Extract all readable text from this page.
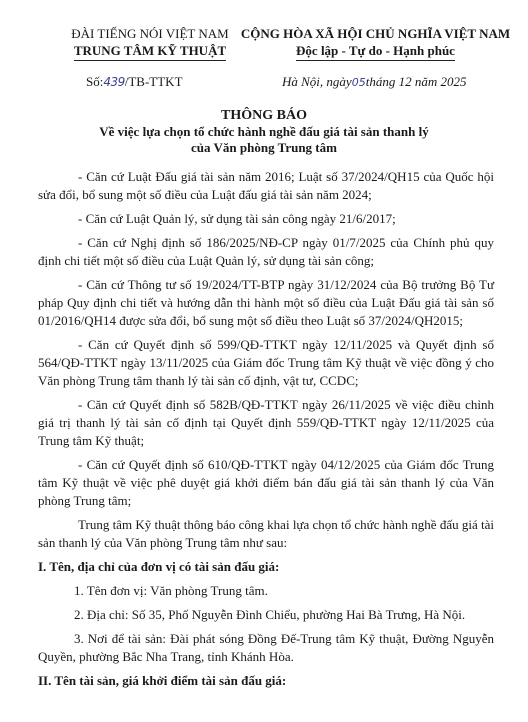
ĐÀI TIẾNG NÓI VIỆT NAM
TRUNG TÂM KỸ THUẬT
CỘNG HÒA XÃ HỘI CHỦ NGHĨA VIỆT NAM
Độc lập - Tự do - Hạnh phúc
Số:439/TB-TTKT	Hà Nội, ngày05tháng 12 năm 2025
THÔNG BÁO
Về việc lựa chọn tổ chức hành nghề đấu giá tài sản thanh lý
của Văn phòng Trung tâm

- Căn cứ Luật Đấu giá tài sản năm 2016; Luật số 37/2024/QH15 của Quốc hội sửa đổi, bổ sung một số điều của Luật đấu giá tài sản năm 2024;

- Căn cứ Luật Quản lý, sử dụng tài sản công ngày 21/6/2017;

- Căn cứ Nghị định số 186/2025/NĐ-CP ngày 01/7/2025 của Chính phủ quy định chi tiết một số điều của Luật Quản lý, sử dụng tài sản công;

- Căn cứ Thông tư số 19/2024/TT-BTP ngày 31/12/2024 của Bộ trưởng Bộ Tư pháp Quy định chi tiết và hướng dẫn thi hành một số điều của Luật Đấu giá tài sản số 01/2016/QH14 được sửa đổi, bổ sung một số điều theo Luật số 37/2024/QH2015;

- Căn cứ Quyết định số 599/QĐ-TTKT ngày 12/11/2025 và Quyết định số 564/QĐ-TTKT ngày 13/11/2025 của Giám đốc Trung tâm Kỹ thuật về việc đồng ý cho Văn phòng Trung tâm thanh lý tài sản cố định, vật tư, CCDC;

- Căn cứ Quyết định số 582B/QĐ-TTKT ngày 26/11/2025 về việc điều chỉnh giá trị thanh lý tài sản cố định tại Quyết định 559/QĐ-TTKT ngày 12/11/2025 của Trung tâm Kỹ thuật;

- Căn cứ Quyết định số 610/QĐ-TTKT ngày 04/12/2025 của Giám đốc Trung tâm Kỹ thuật về việc phê duyệt giá khởi điểm bán đấu giá tài sản thanh lý của Văn phòng Trung tâm;

Trung tâm Kỹ thuật thông báo công khai lựa chọn tổ chức hành nghề đấu giá tài sản thanh lý của Văn phòng Trung tâm như sau:

I. Tên, địa chỉ của đơn vị có tài sản đấu giá:

1. Tên đơn vị: Văn phòng Trung tâm.

2. Địa chỉ: Số 35, Phố Nguyễn Đình Chiểu, phường Hai Bà Trưng, Hà Nội.

3. Nơi để tài sản: Đài phát sóng Đồng Đế-Trung tâm Kỹ thuật, Đường Nguyễn Quyền, phường Bắc Nha Trang, tỉnh Khánh Hòa.

II. Tên tài sản, giá khởi điểm tài sản đấu giá:
